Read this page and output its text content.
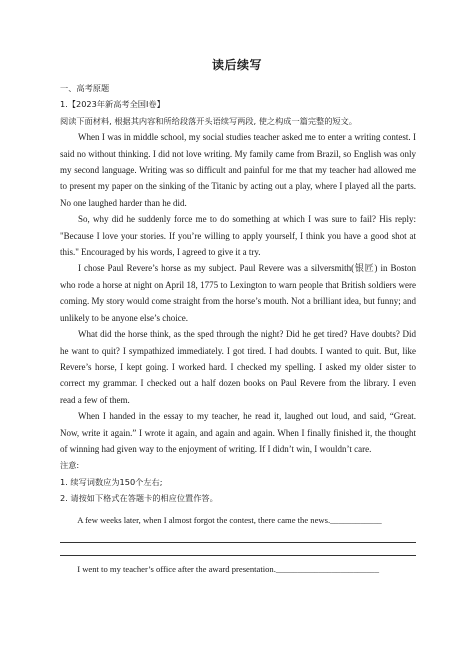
读后续写

一、高考原题

1.【2023年新高考全国Ⅰ卷】

阅读下面材料, 根据其内容和所给段落开头语续写两段, 使之构成一篇完整的短文。

When I was in middle school, my social studies teacher asked me to enter a writing contest. I said no without thinking. I did not love writing. My family came from Brazil, so English was only my second language. Writing was so difficult and painful for me that my teacher had allowed me to present my paper on the sinking of the Titanic by acting out a play, where I played all the parts. No one laughed harder than he did.

So, why did he suddenly force me to do something at which I was sure to fail? His reply: "Because I love your stories. If you’re willing to apply yourself, I think you have a good shot at this." Encouraged by his words, I agreed to give it a try.

I chose Paul Revere’s horse as my subject. Paul Revere was a silversmith(银匠) in Boston who rode a horse at night on April 18, 1775 to Lexington to warn people that British soldiers were coming. My story would come straight from the horse’s mouth. Not a brilliant idea, but funny; and unlikely to be anyone else’s choice.

What did the horse think, as the sped through the night? Did he get tired? Have doubts? Did he want to quit? I sympathized immediately. I got tired. I had doubts. I wanted to quit. But, like Revere’s horse, I kept going. I worked hard. I checked my spelling. I asked my older sister to correct my grammar. I checked out a half dozen books on Paul Revere from the library. I even read a few of them.

When I handed in the essay to my teacher, he read it, laughed out loud, and said, “Great. Now, write it again.” I wrote it again, and again and again. When I finally finished it, the thought of winning had given way to the enjoyment of writing. If I didn’t win, I wouldn’t care.

注意:

1. 续写词数应为150个左右;

2. 请按如下格式在答题卡的相应位置作答。

A few weeks later, when I almost forgot the contest, there came the news.____________

I went to my teacher’s office after the award presentation.________________________
